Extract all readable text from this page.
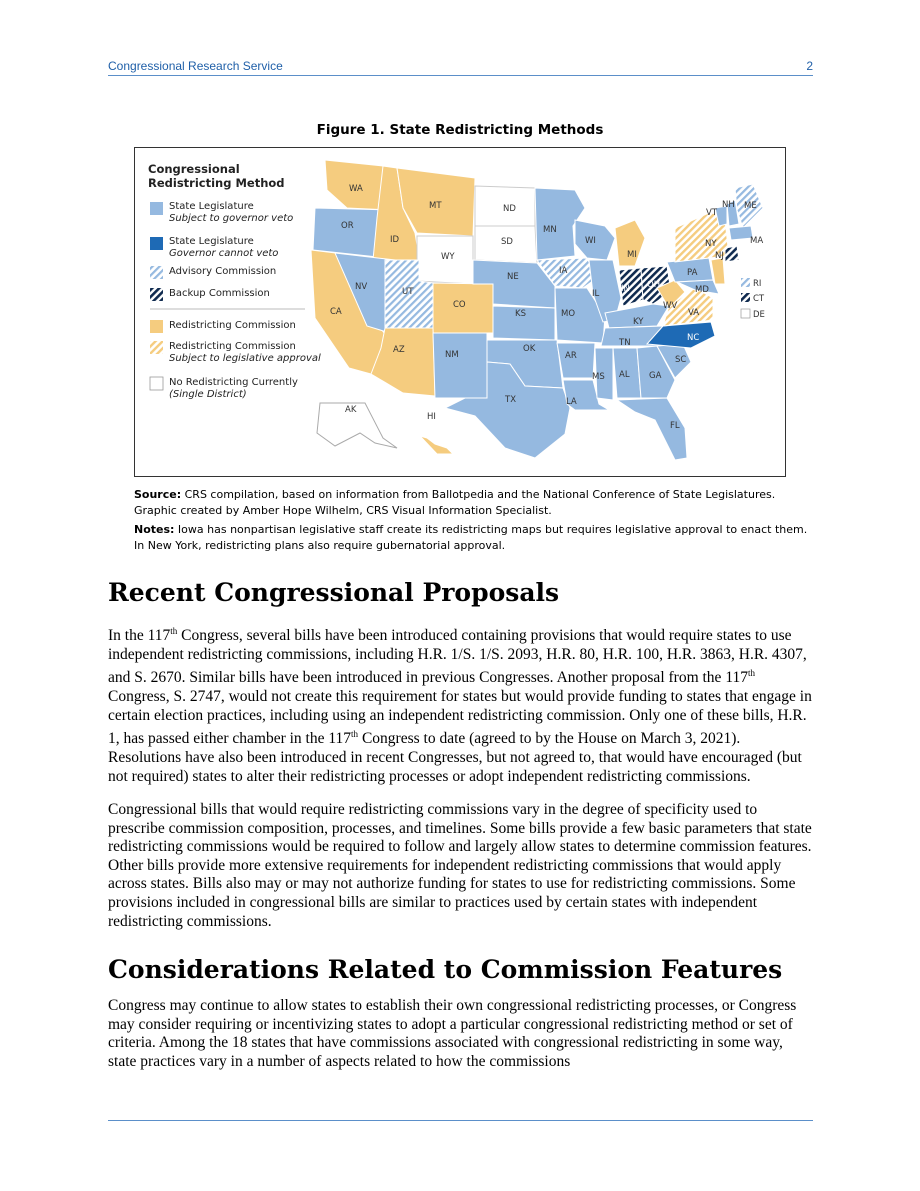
Congressional Research Service	2
Figure 1. State Redistricting Methods
Congressional
Redistricting Method
State Legislature
Subject to governor veto
State Legislature
Governor cannot veto
Advisory Commission
Backup Commission
Redistricting Commission
Redistricting Commission
Subject to legislative approval
No Redistricting Currently
(Single District)
WA
MT	ND
OR
ID
WY
SD
MN
WI
MI
NV	UT
CO
NE
IA
IL	IN OH
PA
NY
VT
NH ME
MA
CA
AZ	NM
KS	MO
KY
WV
VA
MD
NJ
OK
AR
TN	NC
SC
TX
MS AL GA
LA
FL
AK
HI
RI
CT
DE
Source: CRS compilation, based on information from Ballotpedia and the National Conference of State Legislatures. Graphic created by Amber Hope Wilhelm, CRS Visual Information Specialist.
Notes: Iowa has nonpartisan legislative staff create its redistricting maps but requires legislative approval to enact them. In New York, redistricting plans also require gubernatorial approval.
Recent Congressional Proposals

In the 117th Congress, several bills have been introduced containing provisions that would require states to use independent redistricting commissions, including H.R. 1/S. 1/S. 2093, H.R. 80, H.R. 100, H.R. 3863, H.R. 4307, and S. 2670. Similar bills have been introduced in previous Congresses. Another proposal from the 117th Congress, S. 2747, would not create this requirement for states but would provide funding to states that engage in certain election practices, including using an independent redistricting commission. Only one of these bills, H.R. 1, has passed either chamber in the 117th Congress to date (agreed to by the House on March 3, 2021). Resolutions have also been introduced in recent Congresses, but not agreed to, that would have encouraged (but not required) states to alter their redistricting processes or adopt independent redistricting commissions.

Congressional bills that would require redistricting commissions vary in the degree of specificity used to prescribe commission composition, processes, and timelines. Some bills provide a few basic parameters that state redistricting commissions would be required to follow and largely allow states to determine commission features. Other bills provide more extensive requirements for independent redistricting commissions that would apply across states. Bills also may or may not authorize funding for states to use for redistricting commissions. Some provisions included in congressional bills are similar to practices used by certain states with independent redistricting commissions.

Considerations Related to Commission Features

Congress may continue to allow states to establish their own congressional redistricting processes, or Congress may consider requiring or incentivizing states to adopt a particular congressional redistricting method or set of criteria. Among the 18 states that have commissions associated with congressional redistricting in some way, state practices vary in a number of aspects related to how the commissions
